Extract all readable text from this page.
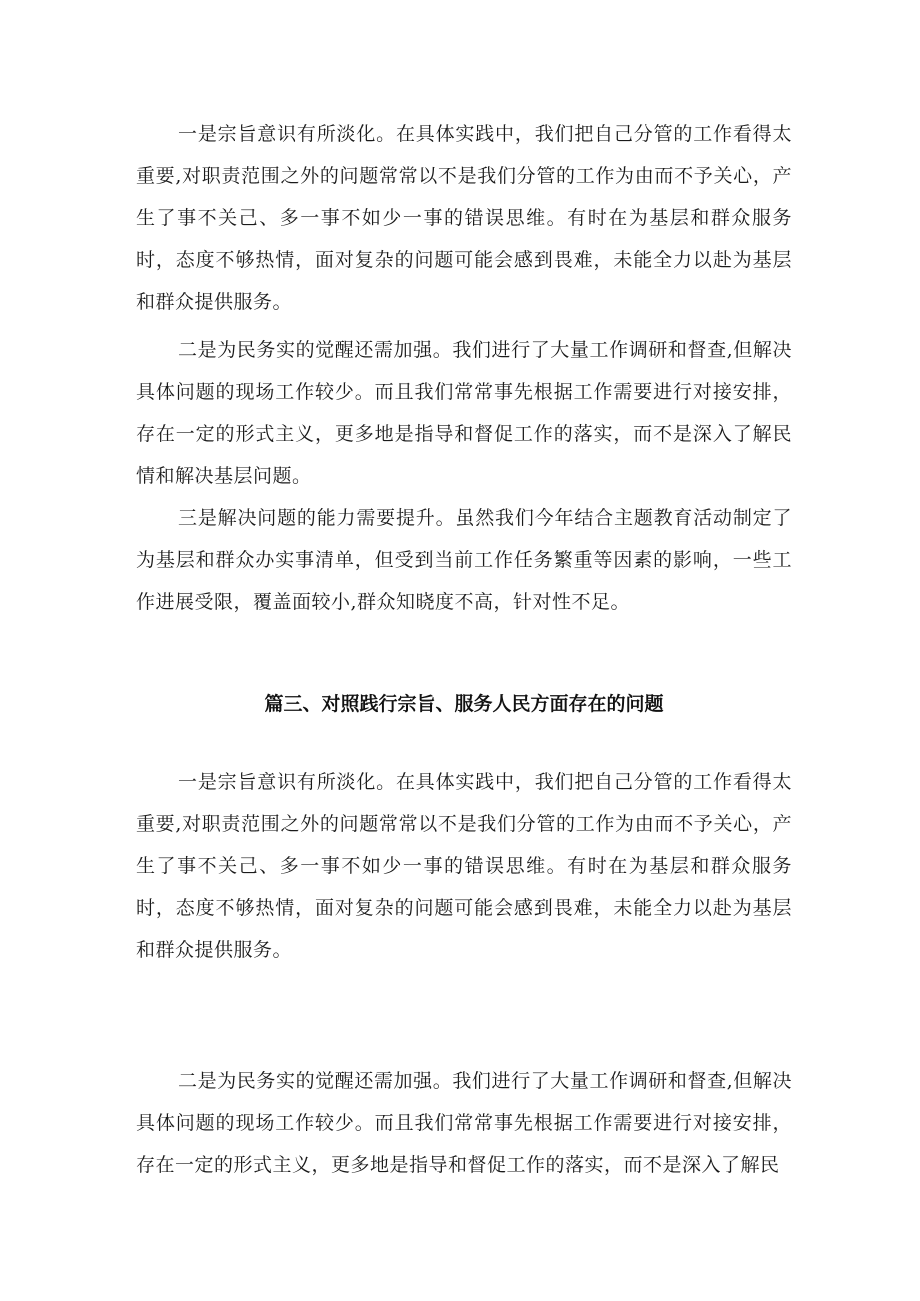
一是宗旨意识有所淡化。在具体实践中，我们把自己分管的工作看得太重要,对职责范围之外的问题常常以不是我们分管的工作为由而不予关心，产生了事不关己、多一事不如少一事的错误思维。有时在为基层和群众服务时，态度不够热情，面对复杂的问题可能会感到畏难，未能全力以赴为基层和群众提供服务。

二是为民务实的觉醒还需加强。我们进行了大量工作调研和督查,但解决具体问题的现场工作较少。而且我们常常事先根据工作需要进行对接安排，存在一定的形式主义，更多地是指导和督促工作的落实，而不是深入了解民情和解决基层问题。

三是解决问题的能力需要提升。虽然我们今年结合主题教育活动制定了为基层和群众办实事清单，但受到当前工作任务繁重等因素的影响，一些工作进展受限，覆盖面较小,群众知晓度不高，针对性不足。

篇三、对照践行宗旨、服务人民方面存在的问题

一是宗旨意识有所淡化。在具体实践中，我们把自己分管的工作看得太重要,对职责范围之外的问题常常以不是我们分管的工作为由而不予关心，产生了事不关己、多一事不如少一事的错误思维。有时在为基层和群众服务时，态度不够热情，面对复杂的问题可能会感到畏难，未能全力以赴为基层和群众提供服务。

二是为民务实的觉醒还需加强。我们进行了大量工作调研和督查,但解决具体问题的现场工作较少。而且我们常常事先根据工作需要进行对接安排，存在一定的形式主义，更多地是指导和督促工作的落实，而不是深入了解民
